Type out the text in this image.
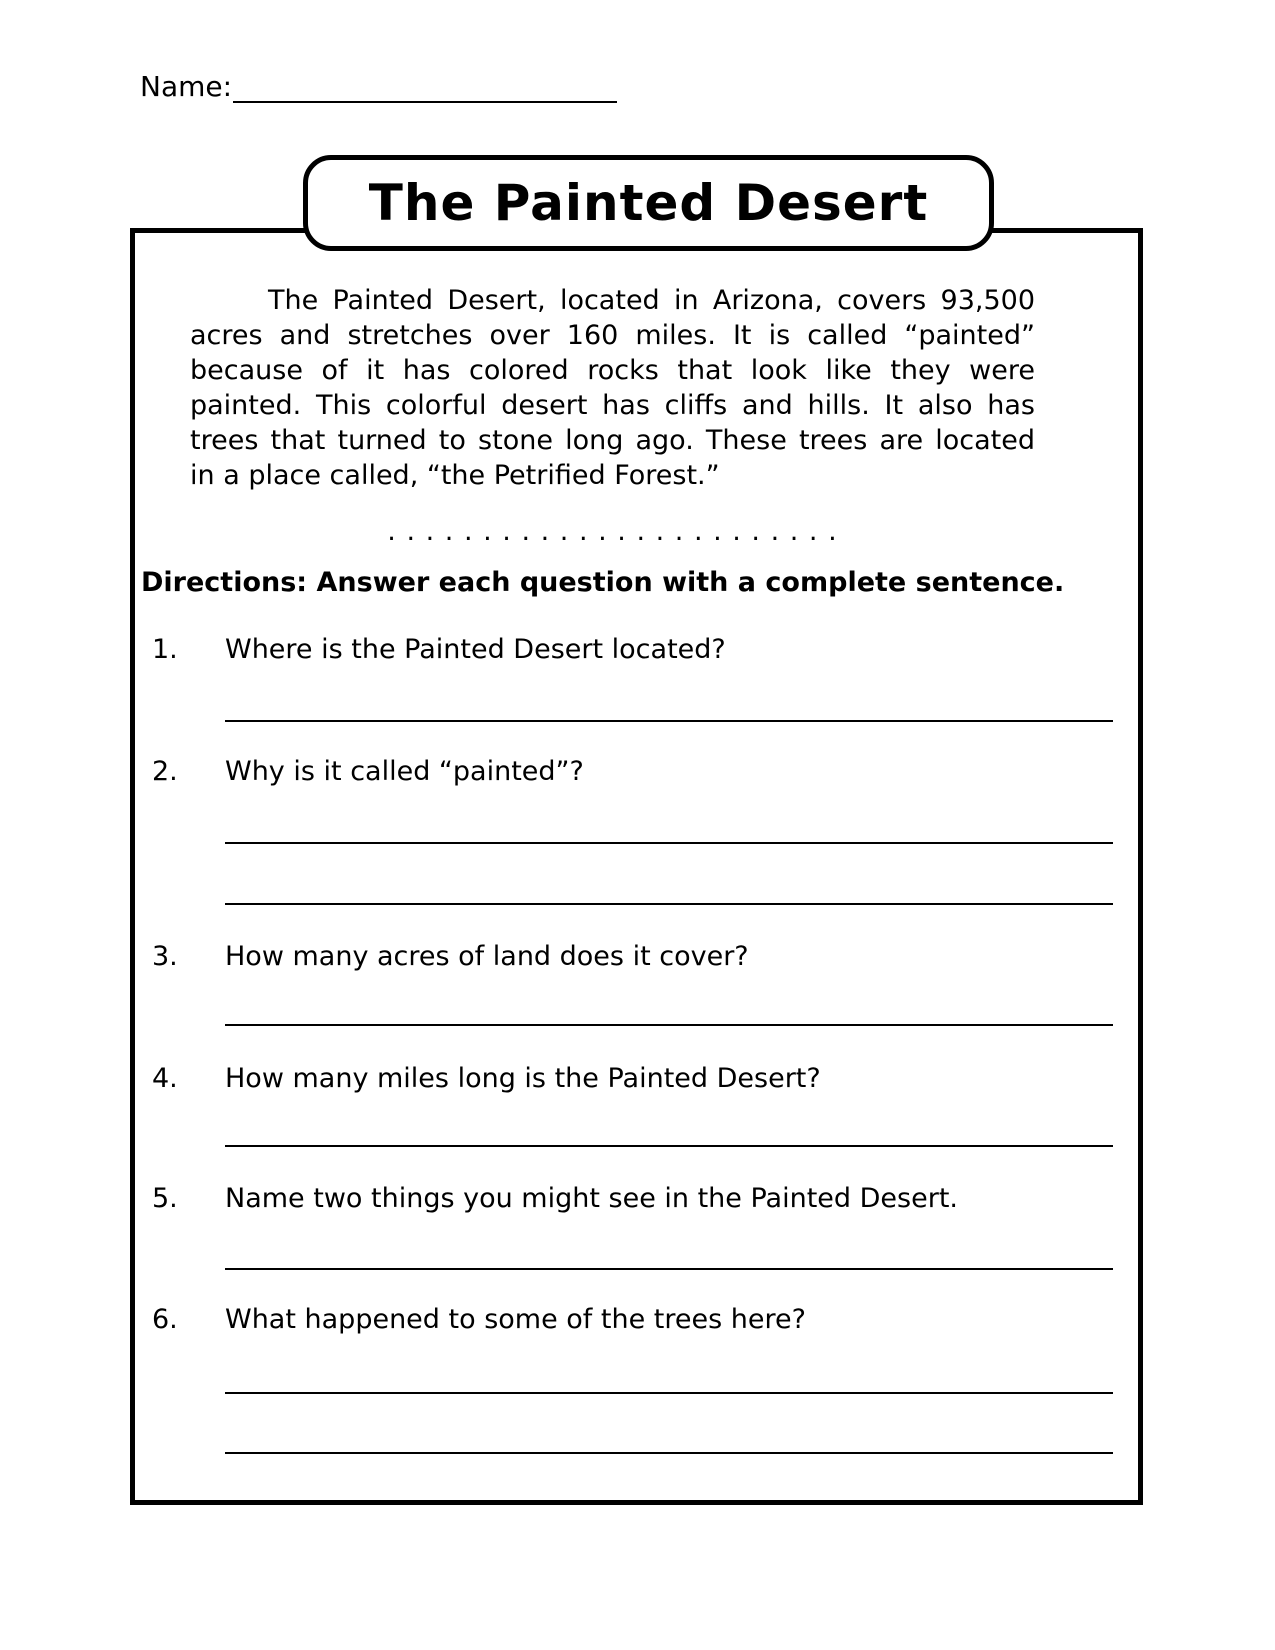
Name:
The Painted Desert
The Painted Desert, located in Arizona, covers 93,500
acres and stretches over 160 miles. It is called “painted”
because of it has colored rocks that look like they were
painted. This colorful desert has cliffs and hills. It also has
trees that turned to stone long ago. These trees are located
in a place called, “the Petrified Forest.”
. . . . . . . . . . . . . . . . . . . . . . . .
Directions: Answer each question with a complete sentence.
1. Where is the Painted Desert located?
2. Why is it called “painted”?
3. How many acres of land does it cover?
4. How many miles long is the Painted Desert?
5. Name two things you might see in the Painted Desert.
6. What happened to some of the trees here?
